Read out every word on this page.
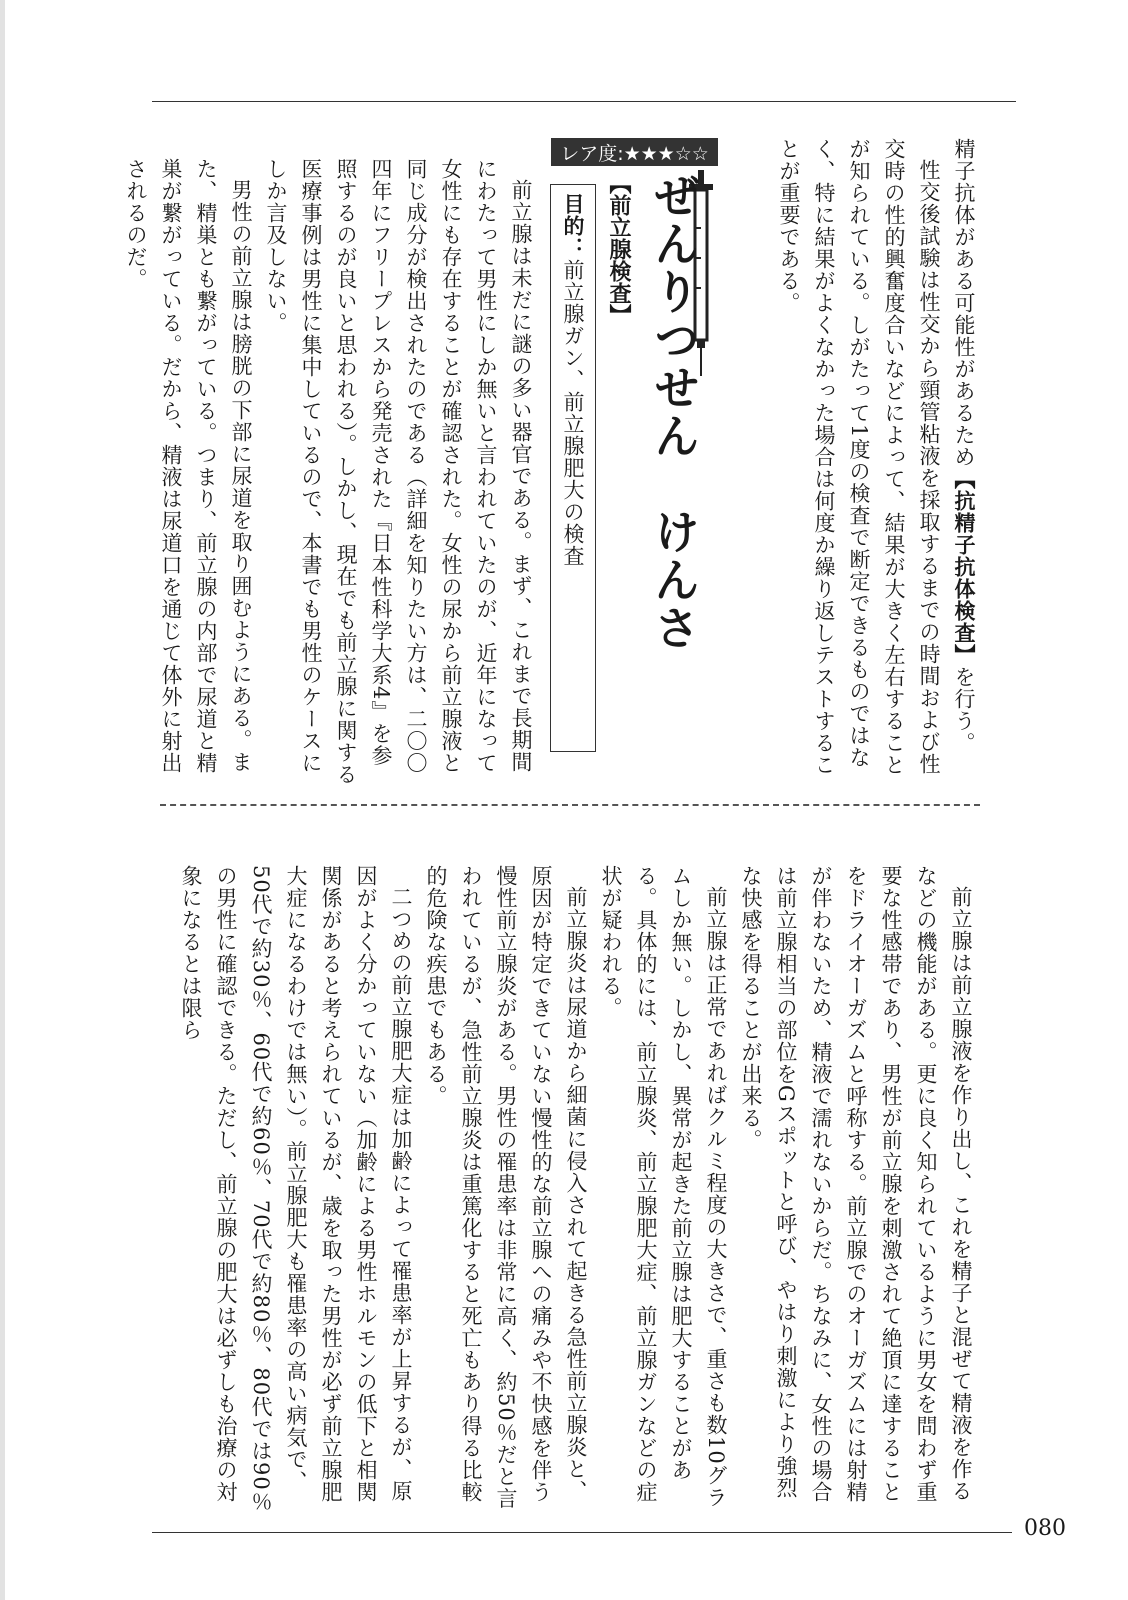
精子抗体がある可能性があるため【抗精子抗体検査】を行う。

性交後試験は性交から頸管粘液を採取するまでの時間および性交時の性的興奮度合いなどによって、結果が大きく左右することが知られている。しがたって1度の検査で断定できるものではなく、特に結果がよくなかった場合は何度か繰り返しテストすることが重要である。

レア度:★★★☆☆
ぜんりつせん　けんさ
【前立腺検査】
目的：前立腺ガン、前立腺肥大の検査

前立腺は未だに謎の多い器官である。まず、これまで長期間にわたって男性にしか無いと言われていたのが、近年になって女性にも存在することが確認された。女性の尿から前立腺液と同じ成分が検出されたのである（詳細を知りたい方は、二〇〇四年にフリープレスから発売された『日本性科学大系4』を参照するのが良いと思われる）。しかし、現在でも前立腺に関する医療事例は男性に集中しているので、本書でも男性のケースにしか言及しない。

男性の前立腺は膀胱の下部に尿道を取り囲むようにある。また、精巣とも繋がっている。つまり、前立腺の内部で尿道と精巣が繋がっている。だから、精液は尿道口を通じて体外に射出されるのだ。

前立腺は前立腺液を作り出し、これを精子と混ぜて精液を作るなどの機能がある。更に良く知られているように男女を問わず重要な性感帯であり、男性が前立腺を刺激されて絶頂に達することをドライオーガズムと呼称する。前立腺でのオーガズムには射精が伴わないため、精液で濡れないからだ。ちなみに、女性の場合は前立腺相当の部位をGスポットと呼び、やはり刺激により強烈な快感を得ることが出来る。

前立腺は正常であればクルミ程度の大きさで、重さも数10グラムしか無い。しかし、異常が起きた前立腺は肥大することがある。具体的には、前立腺炎、前立腺肥大症、前立腺ガンなどの症状が疑われる。

前立腺炎は尿道から細菌に侵入されて起きる急性前立腺炎と、原因が特定できていない慢性的な前立腺への痛みや不快感を伴う慢性前立腺炎がある。男性の罹患率は非常に高く、約50％だと言われているが、急性前立腺炎は重篤化すると死亡もあり得る比較的危険な疾患でもある。

二つめの前立腺肥大症は加齢によって罹患率が上昇するが、原因がよく分かっていない（加齢による男性ホルモンの低下と相関関係があると考えられているが、歳を取った男性が必ず前立腺肥大症になるわけでは無い）。前立腺肥大も罹患率の高い病気で、50代で約30％、60代で約60％、70代で約80％、80代では90％の男性に確認できる。ただし、前立腺の肥大は必ずしも治療の対象になるとは限ら

080
